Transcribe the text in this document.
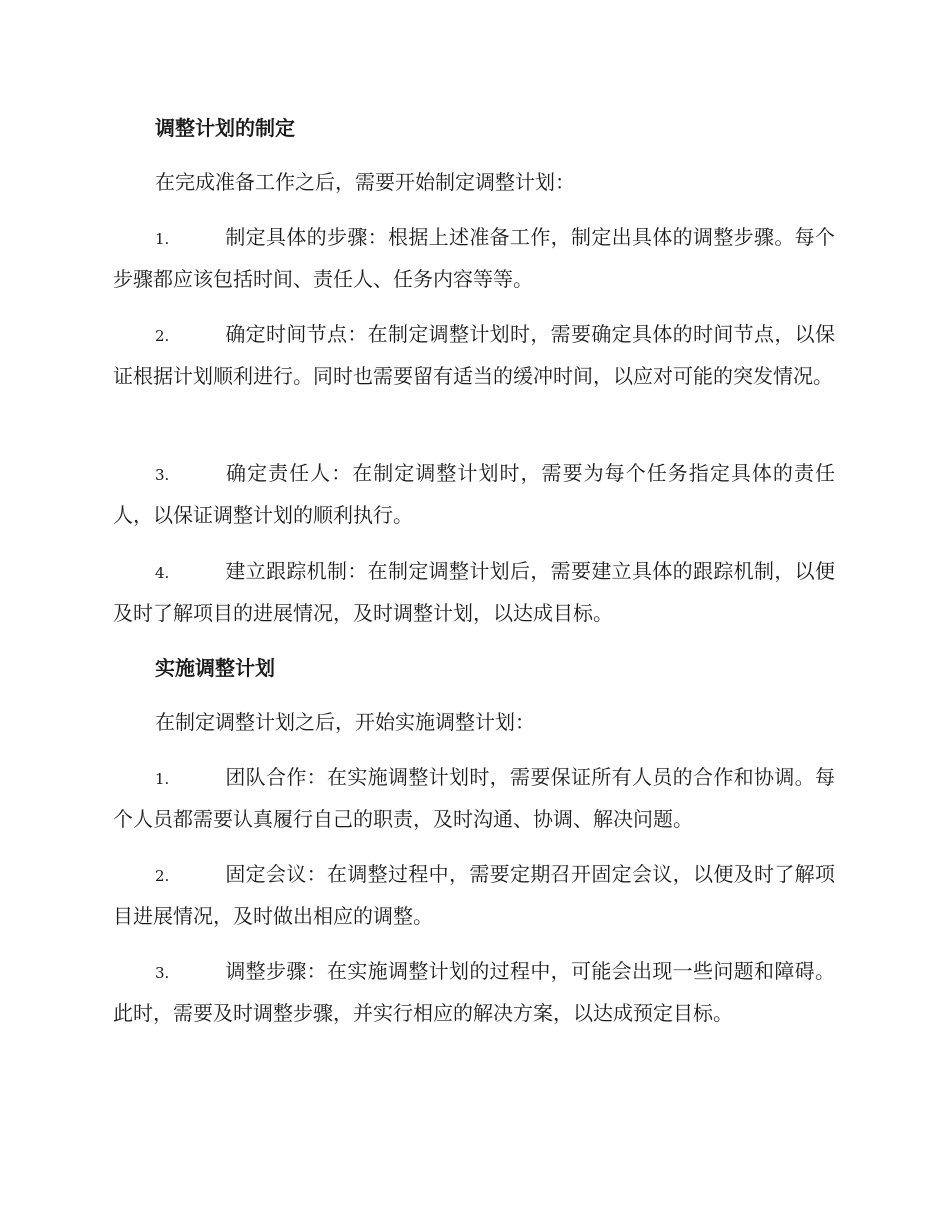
调整计划的制定

在完成准备工作之后，需要开始制定调整计划：

1.	制定具体的步骤：根据上述准备工作，制定出具体的调整步骤。每个步骤都应该包括时间、责任人、任务内容等等。

2.	确定时间节点：在制定调整计划时，需要确定具体的时间节点，以保证根据计划顺利进行。同时也需要留有适当的缓冲时间，以应对可能的突发情况。

3.	确定责任人：在制定调整计划时，需要为每个任务指定具体的责任人，以保证调整计划的顺利执行。

4.	建立跟踪机制：在制定调整计划后，需要建立具体的跟踪机制，以便及时了解项目的进展情况，及时调整计划，以达成目标。

实施调整计划

在制定调整计划之后，开始实施调整计划：

1.	团队合作：在实施调整计划时，需要保证所有人员的合作和协调。每个人员都需要认真履行自己的职责，及时沟通、协调、解决问题。

2.	固定会议：在调整过程中，需要定期召开固定会议，以便及时了解项目进展情况，及时做出相应的调整。

3.	调整步骤：在实施调整计划的过程中，可能会出现一些问题和障碍。此时，需要及时调整步骤，并实行相应的解决方案，以达成预定目标。
